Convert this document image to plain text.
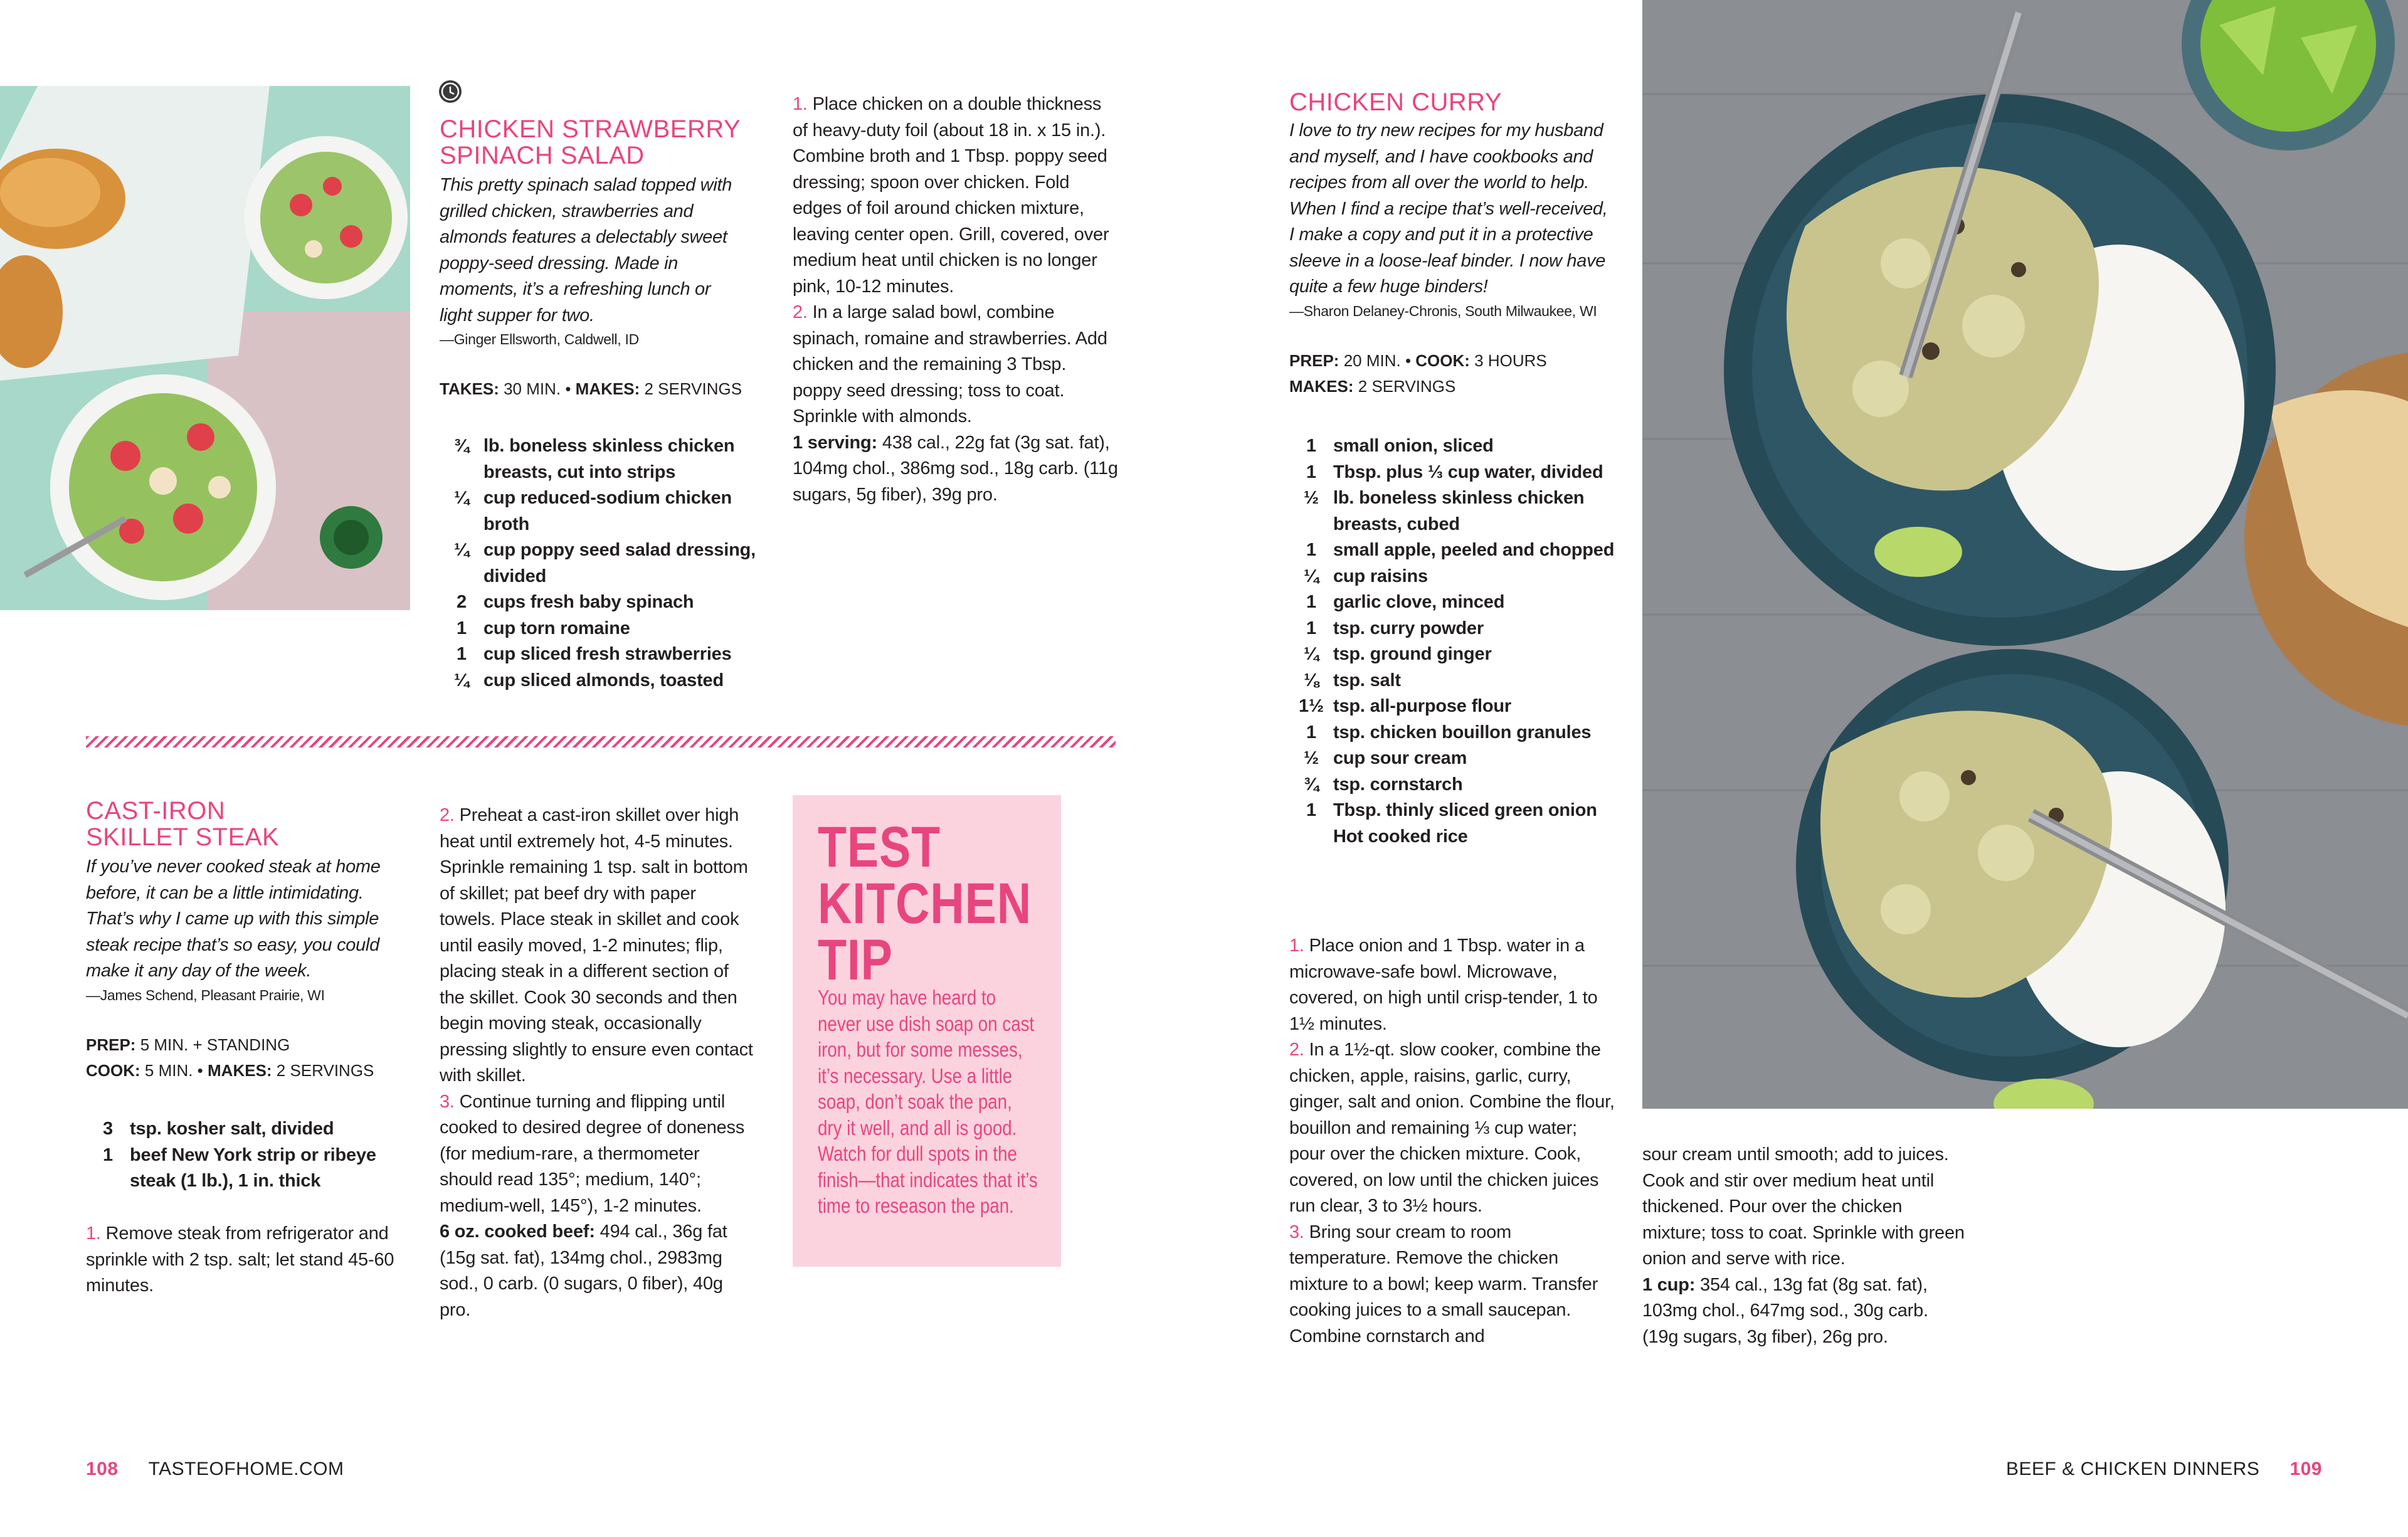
CHICKEN STRAWBERRY
SPINACH SALAD

This pretty spinach salad topped with grilled chicken, strawberries and almonds features a delectably sweet poppy-seed dressing. Made in moments, it’s a refreshing lunch or light supper for two.

—Ginger Ellsworth, Caldwell, ID

TAKES: 30 MIN. • MAKES: 2 SERVINGS

¾ lb. boneless skinless chicken breasts, cut into strips
¼ cup reduced-sodium chicken broth
¼ cup poppy seed salad dressing, divided
2 cups fresh baby spinach
1 cup torn romaine
1 cup sliced fresh strawberries
¼ cup sliced almonds, toasted

1. Place chicken on a double thickness of heavy-duty foil (about 18 in. x 15 in.). Combine broth and 1 Tbsp. poppy seed dressing; spoon over chicken. Fold edges of foil around chicken mixture, leaving center open. Grill, covered, over medium heat until chicken is no longer pink, 10-12 minutes.

2. In a large salad bowl, combine spinach, romaine and strawberries. Add chicken and the remaining 3 Tbsp. poppy seed dressing; toss to coat. Sprinkle with almonds.

1 serving: 438 cal., 22g fat (3g sat. fat), 104mg chol., 386mg sod., 18g carb. (11g sugars, 5g fiber), 39g pro.

CAST-IRON
SKILLET STEAK

If you’ve never cooked steak at home before, it can be a little intimidating. That’s why I came up with this simple steak recipe that’s so easy, you could make it any day of the week.

—James Schend, Pleasant Prairie, WI

PREP: 5 MIN. + STANDING

COOK: 5 MIN. • MAKES: 2 SERVINGS

3 tsp. kosher salt, divided
1 beef New York strip or ribeye steak (1 lb.), 1 in. thick

1. Remove steak from refrigerator and sprinkle with 2 tsp. salt; let stand 45-60 minutes.

2. Preheat a cast-iron skillet over high heat until extremely hot, 4-5 minutes. Sprinkle remaining 1 tsp. salt in bottom of skillet; pat beef dry with paper towels. Place steak in skillet and cook until easily moved, 1-2 minutes; flip, placing steak in a different section of the skillet. Cook 30 seconds and then begin moving steak, occasionally pressing slightly to ensure even contact with skillet.

3. Continue turning and flipping until cooked to desired degree of doneness (for medium-rare, a thermometer should read 135°; medium, 140°; medium-well, 145°), 1-2 minutes.

6 oz. cooked beef: 494 cal., 36g fat (15g sat. fat), 134mg chol., 2983mg sod., 0 carb. (0 sugars, 0 fiber), 40g pro.

TEST
KITCHEN
TIP

You may have heard to never use dish soap on cast iron, but for some messes, it’s necessary. Use a little soap, don’t soak the pan, dry it well, and all is good. Watch for dull spots in the finish—that indicates that it’s time to reseason the pan.

108 TASTEOFHOME.COM
CHICKEN CURRY

I love to try new recipes for my husband and myself, and I have cookbooks and recipes from all over the world to help. When I find a recipe that’s well-received, I make a copy and put it in a protective sleeve in a loose-leaf binder. I now have quite a few huge binders!

—Sharon Delaney-Chronis, South Milwaukee, WI

PREP: 20 MIN. • COOK: 3 HOURS

MAKES: 2 SERVINGS

1 small onion, sliced
1 Tbsp. plus ⅓ cup water, divided
½ lb. boneless skinless chicken breasts, cubed
1 small apple, peeled and chopped
¼ cup raisins
1 garlic clove, minced
1 tsp. curry powder
¼ tsp. ground ginger
⅛ tsp. salt
1½ tsp. all-purpose flour
1 tsp. chicken bouillon granules
½ cup sour cream
¾ tsp. cornstarch
1 Tbsp. thinly sliced green onion
Hot cooked rice

1. Place onion and 1 Tbsp. water in a microwave-safe bowl. Microwave, covered, on high until crisp-tender, 1 to 1½ minutes.

2. In a 1½-qt. slow cooker, combine the chicken, apple, raisins, garlic, curry, ginger, salt and onion. Combine the flour, bouillon and remaining ⅓ cup water; pour over the chicken mixture. Cook, covered, on low until the chicken juices run clear, 3 to 3½ hours.

3. Bring sour cream to room temperature. Remove the chicken mixture to a bowl; keep warm. Transfer cooking juices to a small saucepan. Combine cornstarch and

sour cream until smooth; add to juices. Cook and stir over medium heat until thickened. Pour over the chicken mixture; toss to coat. Sprinkle with green onion and serve with rice.

1 cup: 354 cal., 13g fat (8g sat. fat), 103mg chol., 647mg sod., 30g carb. (19g sugars, 3g fiber), 26g pro.

BEEF & CHICKEN DINNERS 109
